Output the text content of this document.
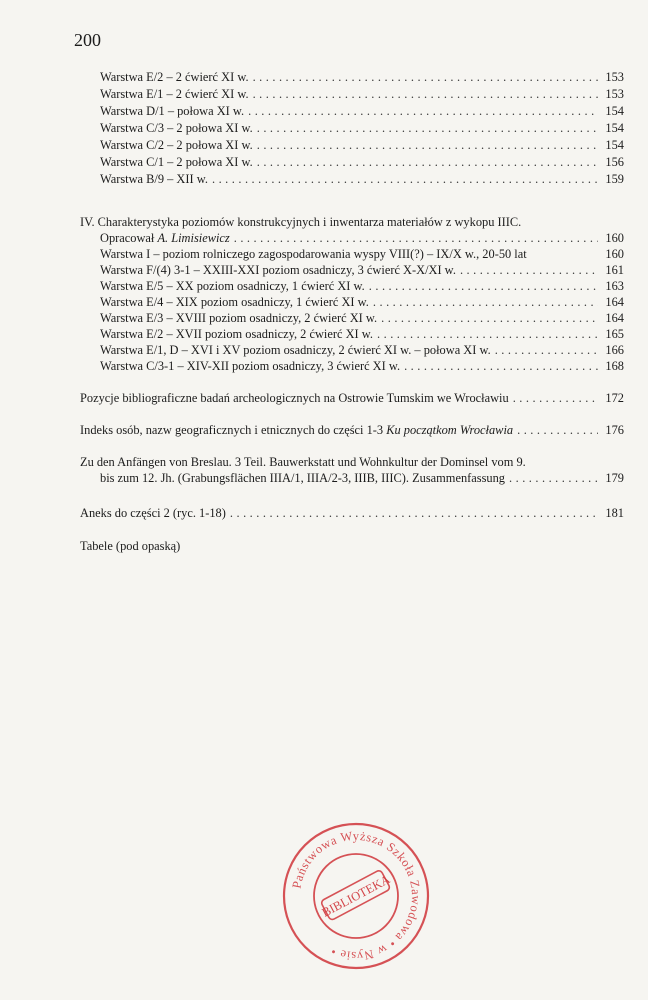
200
Warstwa E/2 – 2 ćwierć XI w. . . .	153
Warstwa E/1 – 2 ćwierć XI w. . . .	153
Warstwa D/1 – połowa XI w. . . .	154
Warstwa C/3 – 2 połowa XI w. . . .	154
Warstwa C/2 – 2 połowa XI w. . . .	154
Warstwa C/1 – 2 połowa XI w. . . .	156
Warstwa B/9 – XII w. . . .	159
IV. Charakterystyka poziomów konstrukcyjnych i inwentarza materiałów z wykopu IIIC.
Opracował A. Limisiewicz . . .	160
Warstwa I – poziom rolniczego zagospodarowania wyspy VIII(?) – IX/X w., 20-50 lat	160
Warstwa F/(4) 3-1 – XXIII-XXI poziom osadniczy, 3 ćwierć X-X/XI w. . . .	161
Warstwa E/5 – XX poziom osadniczy, 1 ćwierć XI w. . . .	163
Warstwa E/4 – XIX poziom osadniczy, 1 ćwierć XI w. . . .	164
Warstwa E/3 – XVIII poziom osadniczy, 2 ćwierć XI w. . . .	164
Warstwa E/2 – XVII poziom osadniczy, 2 ćwierć XI w. . . .	165
Warstwa E/1, D – XVI i XV poziom osadniczy, 2 ćwierć XI w. – połowa XI w. . . .	166
Warstwa C/3-1 – XIV-XII poziom osadniczy, 3 ćwierć XI w. . . .	168
Pozycje bibliograficzne badań archeologicznych na Ostrowie Tumskim we Wrocławiu . . .	172
Indeks osób, nazw geograficznych i etnicznych do części 1-3 Ku początkom Wrocławia . . .	176
Zu den Anfängen von Breslau. 3 Teil. Bauwerkstatt und Wohnkultur der Dominsel vom 9.
bis zum 12. Jh. (Grabungsflächen IIIA/1, IIIA/2-3, IIIB, IIIC). Zusammenfassung . . .	179
Aneks do części 2 (ryc. 1-18) . . .	181
Tabele (pod opaską)
Państwowa Wyższa Szkoła Zawodowa • w Nysie •
BIBLIOTEKA
